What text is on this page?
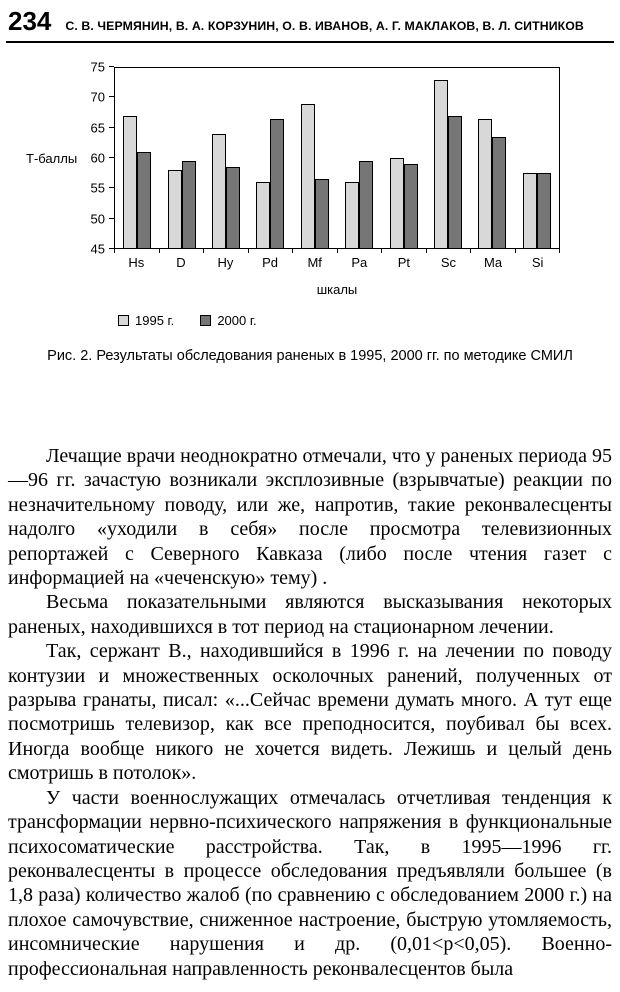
234 С. В. ЧЕРМЯНИН, В. А. КОРЗУНИН, О. В. ИВАНОВ, А. Г. МАКЛАКОВ, В. Л. СИТНИКОВ
Т-баллы
45
50
55
60
65
70
75
Hs	D	Hy	Pd	Mf	Pa	Pt	Sc	Ma	Si
шкалы
1995 г.	2000 г.
Рис. 2. Результаты обследования раненых в 1995, 2000 гг. по методике СМИЛ

Лечащие врачи неоднократно отмечали, что у раненых периода 95—96 гг. зачастую возникали эксплозивные (взрывчатые) реакции по незначительному поводу, или же, напротив, такие реконвалесценты надолго «уходили в себя» после просмотра телевизионных репортажей с Северного Кавказа (либо после чтения газет с информацией на «чеченскую» тему) .

Весьма показательными являются высказывания некоторых раненых, находившихся в тот период на стационарном лечении.

Так, сержант В., находившийся в 1996 г. на лечении по поводу контузии и множественных осколочных ранений, полученных от разрыва гранаты, писал: «...Сейчас времени думать много. А тут еще посмотришь телевизор, как все преподносится, поубивал бы всех. Иногда вообще никого не хочется видеть. Лежишь и целый день смотришь в потолок».

У части военнослужащих отмечалась отчетливая тенденция к трансформации нервно-психического напряжения в функциональные психосоматические расстройства. Так, в 1995—1996 гг. реконвалесценты в процессе обследования предъявляли большее (в 1,8 раза) количество жалоб (по сравнению с обследованием 2000 г.) на плохое самочувствие, сниженное настроение, быструю утомляемость, инсомнические нарушения и др. (0,01<p<0,05). Военно-профессиональная направленность реконвалесцентов была
